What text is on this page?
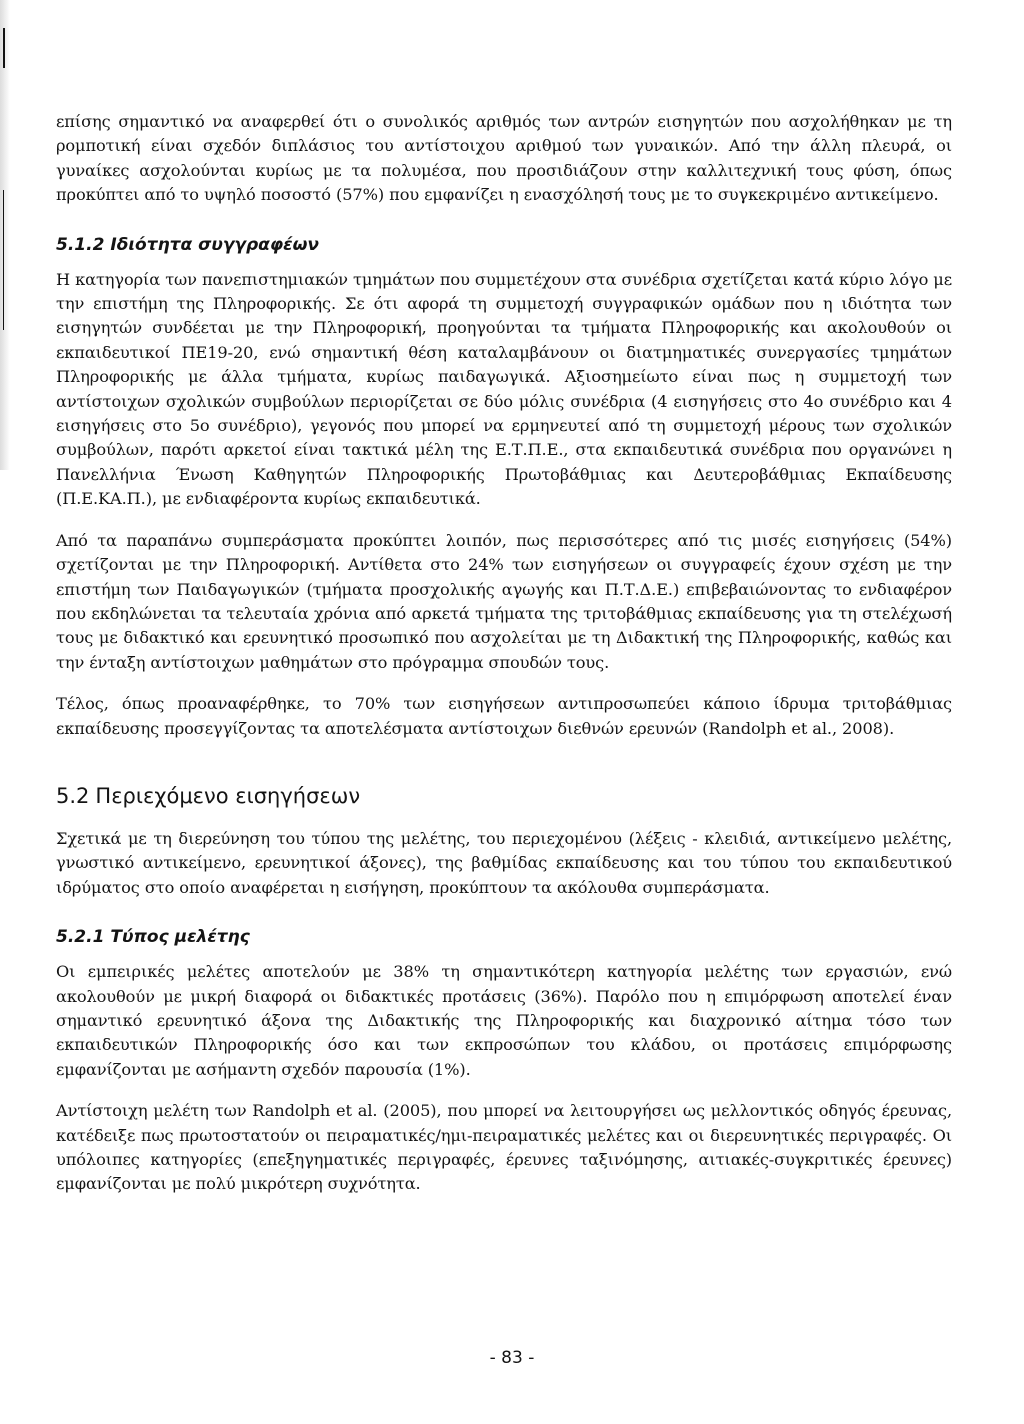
επίσης σημαντικό να αναφερθεί ότι ο συνολικός αριθμός των αντρών εισηγητών που ασχολήθηκαν με τη ρομποτική είναι σχεδόν διπλάσιος του αντίστοιχου αριθμού των γυναικών. Από την άλλη πλευρά, οι γυναίκες ασχολούνται κυρίως με τα πολυμέσα, που προσιδιάζουν στην καλλιτεχνική τους φύση, όπως προκύπτει από το υψηλό ποσοστό (57%) που εμφανίζει η ενασχόλησή τους με το συγκεκριμένο αντικείμενο.

5.1.2 Ιδιότητα συγγραφέων

Η κατηγορία των πανεπιστημιακών τμημάτων που συμμετέχουν στα συνέδρια σχετίζεται κατά κύριο λόγο με την επιστήμη της Πληροφορικής. Σε ότι αφορά τη συμμετοχή συγγραφικών ομάδων που η ιδιότητα των εισηγητών συνδέεται με την Πληροφορική, προηγούνται τα τμήματα Πληροφορικής και ακολουθούν οι εκπαιδευτικοί ΠΕ19-20, ενώ σημαντική θέση καταλαμβάνουν οι διατμηματικές συνεργασίες τμημάτων Πληροφορικής με άλλα τμήματα, κυρίως παιδαγωγικά. Αξιοσημείωτο είναι πως η συμμετοχή των αντίστοιχων σχολικών συμβούλων περιορίζεται σε δύο μόλις συνέδρια (4 εισηγήσεις στο 4ο συνέδριο και 4 εισηγήσεις στο 5ο συνέδριο), γεγονός που μπορεί να ερμηνευτεί από τη συμμετοχή μέρους των σχολικών συμβούλων, παρότι αρκετοί είναι τακτικά μέλη της Ε.Τ.Π.Ε., στα εκπαιδευτικά συνέδρια που οργανώνει η Πανελλήνια Ένωση Καθηγητών Πληροφορικής Πρωτοβάθμιας και Δευτεροβάθμιας Εκπαίδευσης (Π.Ε.ΚΑ.Π.), με ενδιαφέροντα κυρίως εκπαιδευτικά.

Από τα παραπάνω συμπεράσματα προκύπτει λοιπόν, πως περισσότερες από τις μισές εισηγήσεις (54%) σχετίζονται με την Πληροφορική. Αντίθετα στο 24% των εισηγήσεων οι συγγραφείς έχουν σχέση με την επιστήμη των Παιδαγωγικών (τμήματα προσχολικής αγωγής και Π.Τ.Δ.Ε.) επιβεβαιώνοντας το ενδιαφέρον που εκδηλώνεται τα τελευταία χρόνια από αρκετά τμήματα της τριτοβάθμιας εκπαίδευσης για τη στελέχωσή τους με διδακτικό και ερευνητικό προσωπικό που ασχολείται με τη Διδακτική της Πληροφορικής, καθώς και την ένταξη αντίστοιχων μαθημάτων στο πρόγραμμα σπουδών τους.

Τέλος, όπως προαναφέρθηκε, το 70% των εισηγήσεων αντιπροσωπεύει κάποιο ίδρυμα τριτοβάθμιας εκπαίδευσης προσεγγίζοντας τα αποτελέσματα αντίστοιχων διεθνών ερευνών (Randolph et al., 2008).

5.2 Περιεχόμενο εισηγήσεων

Σχετικά με τη διερεύνηση του τύπου της μελέτης, του περιεχομένου (λέξεις - κλειδιά, αντικείμενο μελέτης, γνωστικό αντικείμενο, ερευνητικοί άξονες), της βαθμίδας εκπαίδευσης και του τύπου του εκπαιδευτικού ιδρύματος στο οποίο αναφέρεται η εισήγηση, προκύπτουν τα ακόλουθα συμπεράσματα.

5.2.1 Τύπος μελέτης

Οι εμπειρικές μελέτες αποτελούν με 38% τη σημαντικότερη κατηγορία μελέτης των εργασιών, ενώ ακολουθούν με μικρή διαφορά οι διδακτικές προτάσεις (36%). Παρόλο που η επιμόρφωση αποτελεί έναν σημαντικό ερευνητικό άξονα της Διδακτικής της Πληροφορικής και διαχρονικό αίτημα τόσο των εκπαιδευτικών Πληροφορικής όσο και των εκπροσώπων του κλάδου, οι προτάσεις επιμόρφωσης εμφανίζονται με ασήμαντη σχεδόν παρουσία (1%).

Αντίστοιχη μελέτη των Randolph et al. (2005), που μπορεί να λειτουργήσει ως μελλοντικός οδηγός έρευνας, κατέδειξε πως πρωτοστατούν οι πειραματικές/ημι-πειραματικές μελέτες και οι διερευνητικές περιγραφές. Οι υπόλοιπες κατηγορίες (επεξηγηματικές περιγραφές, έρευνες ταξινόμησης, αιτιακές-συγκριτικές έρευνες) εμφανίζονται με πολύ μικρότερη συχνότητα.

- 83 -
